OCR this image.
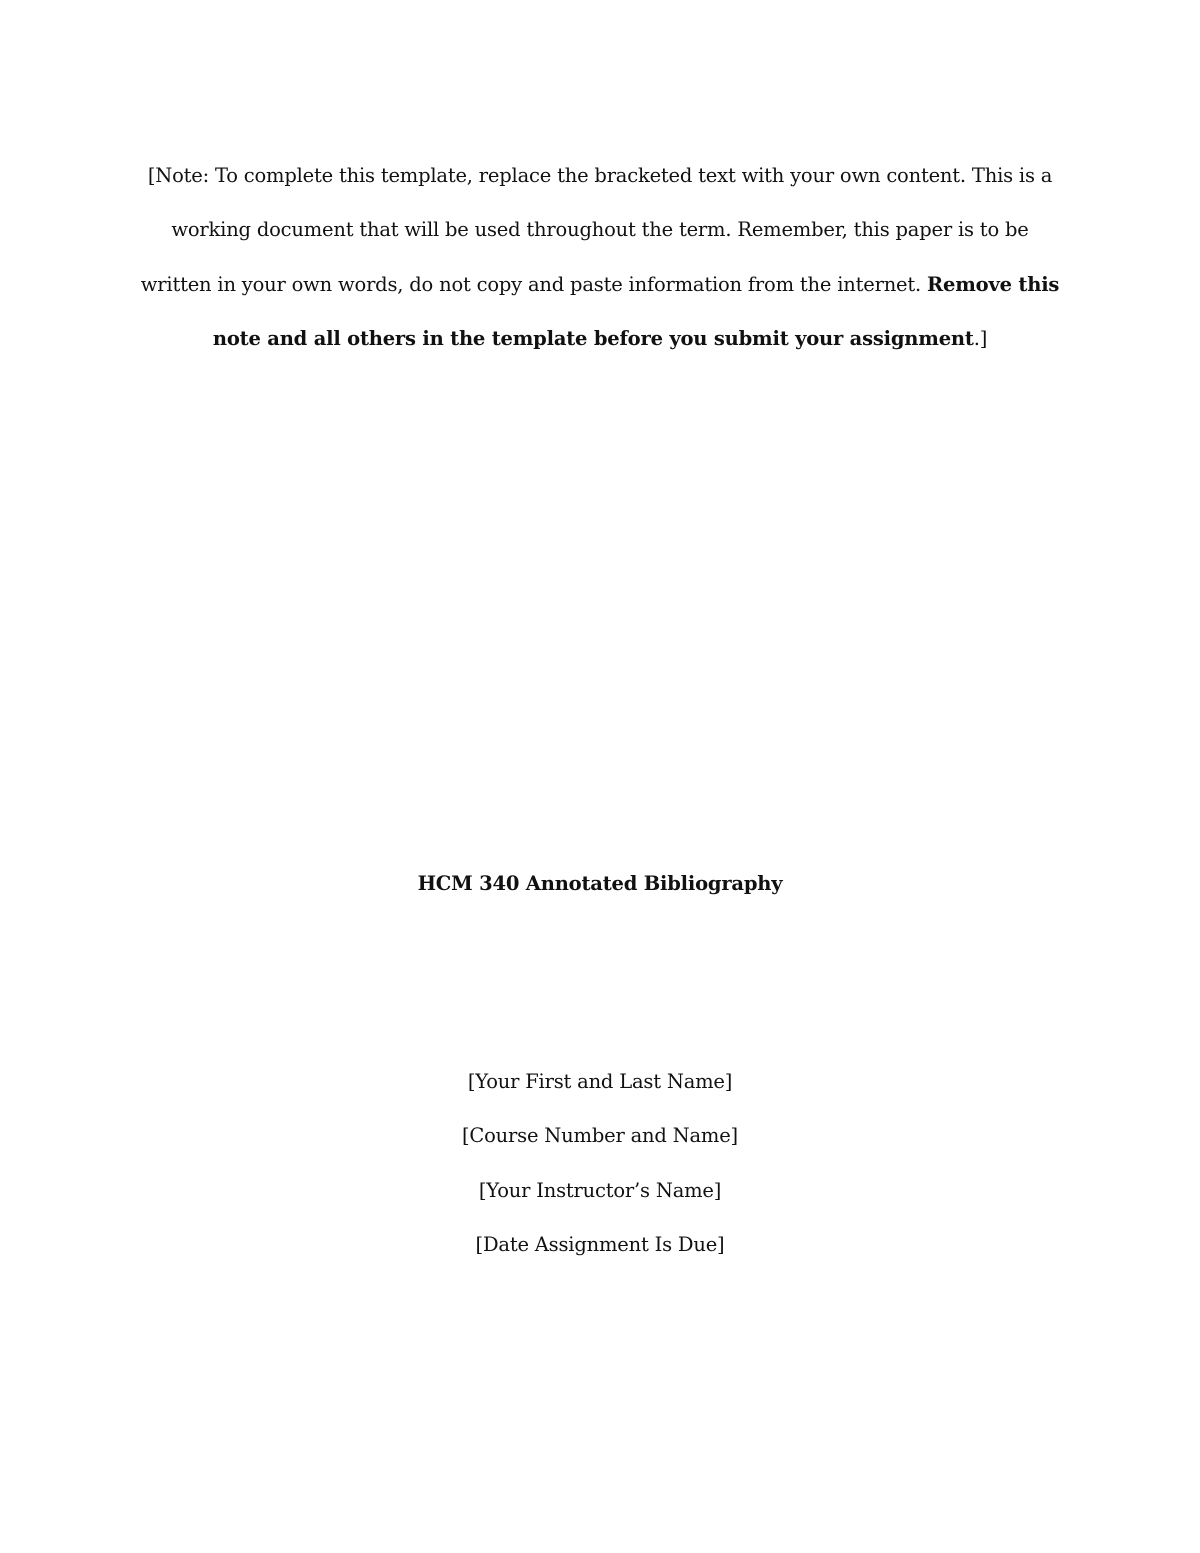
[Note: To complete this template, replace the bracketed text with your own content. This is a working document that will be used throughout the term. Remember, this paper is to be written in your own words, do not copy and paste information from the internet. Remove this note and all others in the template before you submit your assignment.]

HCM 340 Annotated Bibliography
[Your First and Last Name]
[Course Number and Name]
[Your Instructor’s Name]
[Date Assignment Is Due]
